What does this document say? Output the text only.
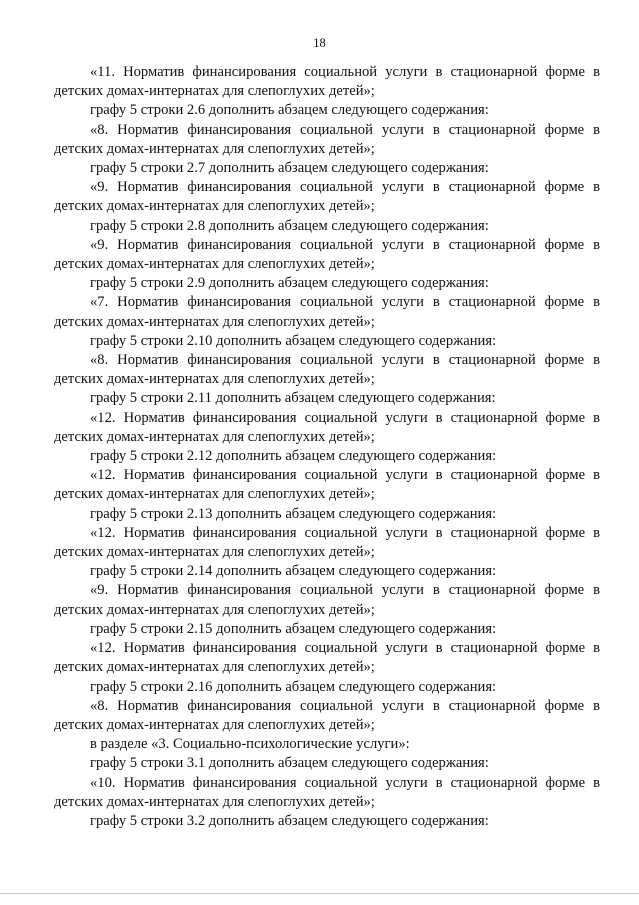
18

«11. Норматив финансирования социальной услуги в стационарной форме в детских домах-интернатах для слепоглухих детей»;

графу 5 строки 2.6 дополнить абзацем следующего содержания:

«8. Норматив финансирования социальной услуги в стационарной форме в детских домах-интернатах для слепоглухих детей»;

графу 5 строки 2.7 дополнить абзацем следующего содержания:

«9. Норматив финансирования социальной услуги в стационарной форме в детских домах-интернатах для слепоглухих детей»;

графу 5 строки 2.8 дополнить абзацем следующего содержания:

«9. Норматив финансирования социальной услуги в стационарной форме в детских домах-интернатах для слепоглухих детей»;

графу 5 строки 2.9 дополнить абзацем следующего содержания:

«7. Норматив финансирования социальной услуги в стационарной форме в детских домах-интернатах для слепоглухих детей»;

графу 5 строки 2.10 дополнить абзацем следующего содержания:

«8. Норматив финансирования социальной услуги в стационарной форме в детских домах-интернатах для слепоглухих детей»;

графу 5 строки 2.11 дополнить абзацем следующего содержания:

«12. Норматив финансирования социальной услуги в стационарной форме в детских домах-интернатах для слепоглухих детей»;

графу 5 строки 2.12 дополнить абзацем следующего содержания:

«12. Норматив финансирования социальной услуги в стационарной форме в детских домах-интернатах для слепоглухих детей»;

графу 5 строки 2.13 дополнить абзацем следующего содержания:

«12. Норматив финансирования социальной услуги в стационарной форме в детских домах-интернатах для слепоглухих детей»;

графу 5 строки 2.14 дополнить абзацем следующего содержания:

«9. Норматив финансирования социальной услуги в стационарной форме в детских домах-интернатах для слепоглухих детей»;

графу 5 строки 2.15 дополнить абзацем следующего содержания:

«12. Норматив финансирования социальной услуги в стационарной форме в детских домах-интернатах для слепоглухих детей»;

графу 5 строки 2.16 дополнить абзацем следующего содержания:

«8. Норматив финансирования социальной услуги в стационарной форме в детских домах-интернатах для слепоглухих детей»;

в разделе «3. Социально-психологические услуги»:

графу 5 строки 3.1 дополнить абзацем следующего содержания:

«10. Норматив финансирования социальной услуги в стационарной форме в детских домах-интернатах для слепоглухих детей»;

графу 5 строки 3.2 дополнить абзацем следующего содержания:
